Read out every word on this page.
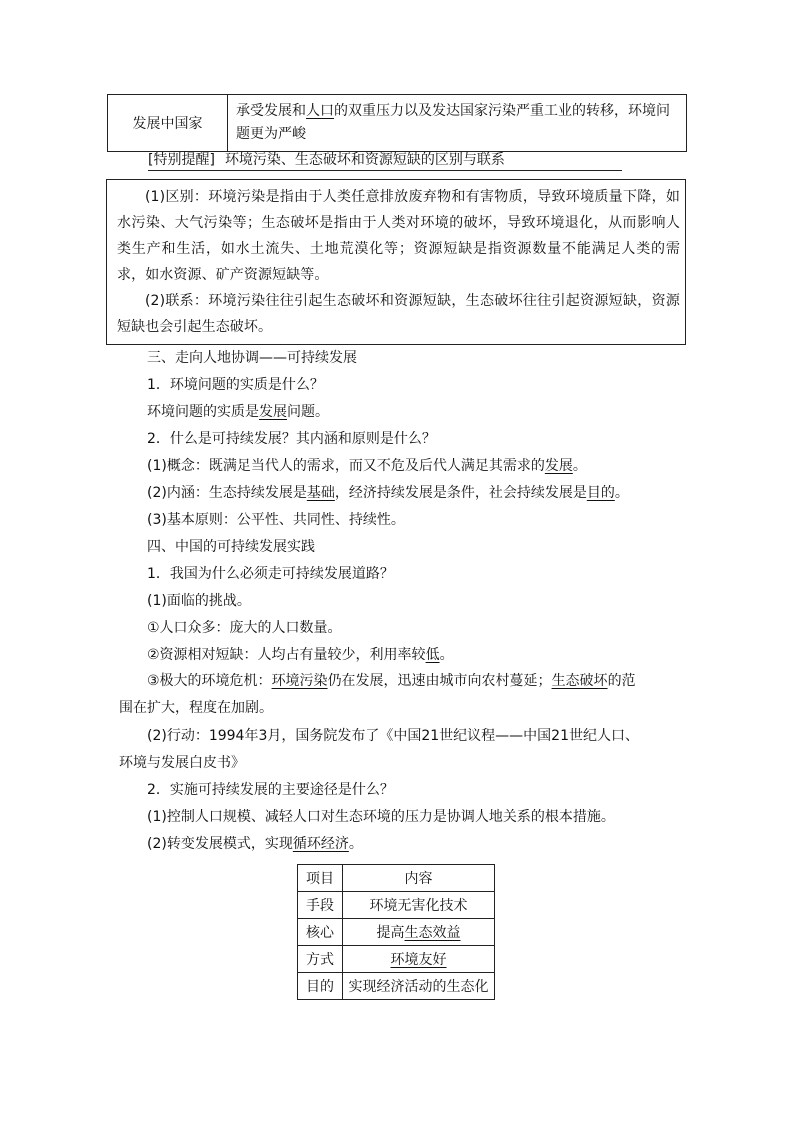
发展中国家	承受发展和人口的双重压力以及发达国家污染严重工业的转移，环境问题更为严峻
[特别提醒] 环境污染、生态破坏和资源短缺的区别与联系

(1)区别：环境污染是指由于人类任意排放废弃物和有害物质，导致环境质量下降，如水污染、大气污染等；生态破坏是指由于人类对环境的破坏，导致环境退化，从而影响人类生产和生活，如水土流失、土地荒漠化等；资源短缺是指资源数量不能满足人类的需求，如水资源、矿产资源短缺等。

(2)联系：环境污染往往引起生态破坏和资源短缺，生态破坏往往引起资源短缺，资源短缺也会引起生态破坏。

三、走向人地协调——可持续发展
1．环境问题的实质是什么？
环境问题的实质是发展问题。
2．什么是可持续发展？其内涵和原则是什么？
(1)概念：既满足当代人的需求，而又不危及后代人满足其需求的发展。
(2)内涵：生态持续发展是基础，经济持续发展是条件，社会持续发展是目的。
(3)基本原则：公平性、共同性、持续性。
四、中国的可持续发展实践
1．我国为什么必须走可持续发展道路？
(1)面临的挑战。
①人口众多：庞大的人口数量。
②资源相对短缺：人均占有量较少，利用率较低。
③极大的环境危机：环境污染仍在发展，迅速由城市向农村蔓延；生态破坏的范围在扩大，程度在加剧。
(2)行动：1994年3月，国务院发布了《中国21世纪议程——中国21世纪人口、环境与发展白皮书》
2．实施可持续发展的主要途径是什么？
(1)控制人口规模、减轻人口对生态环境的压力是协调人地关系的根本措施。
(2)转变发展模式，实现循环经济。
项目	内容
手段	环境无害化技术
核心	提高生态效益
方式	环境友好
目的	实现经济活动的生态化
